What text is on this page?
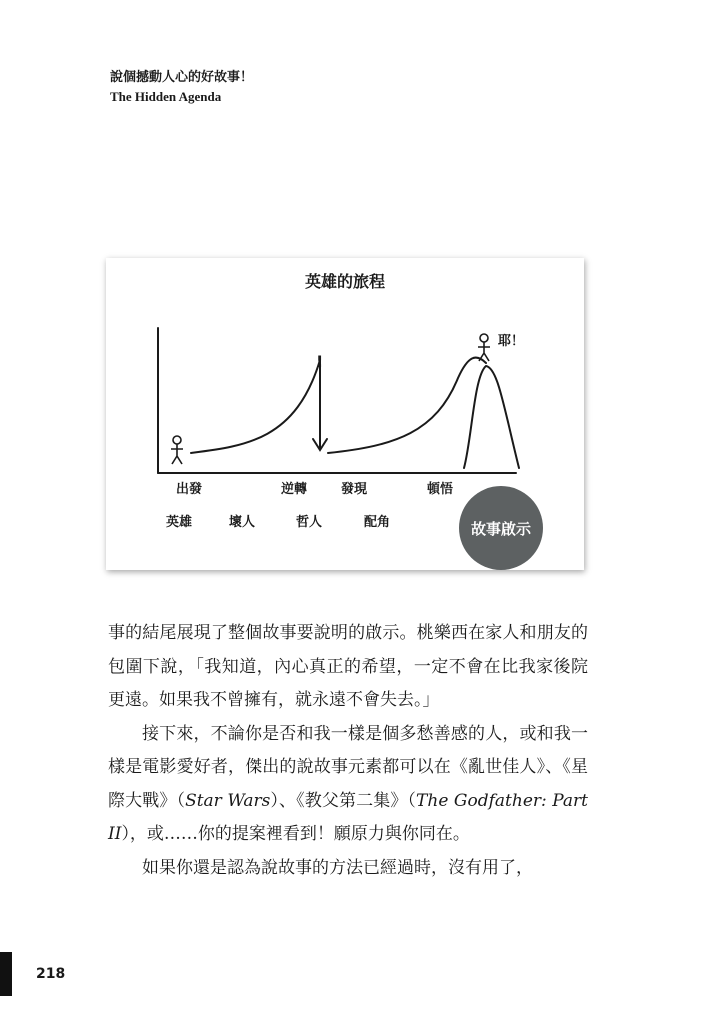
說個撼動人心的好故事！
The Hidden Agenda
英雄的旅程
!
耶！
出發	逆轉	發現	頓悟
英雄	壞人	哲人	配角	故事啟示

事的結尾展現了整個故事要說明的啟示。桃樂西在家人和朋友的包圍下說，「我知道，內心真正的希望，一定不會在比我家後院更遠。如果我不曾擁有，就永遠不會失去。」

接下來，不論你是否和我一樣是個多愁善感的人，或和我一樣是電影愛好者，傑出的說故事元素都可以在《亂世佳人》、《星際大戰》（Star Wars）、《教父第二集》（The Godfather: Part II），或……你的提案裡看到！願原力與你同在。

如果你還是認為說故事的方法已經過時，沒有用了，

218
